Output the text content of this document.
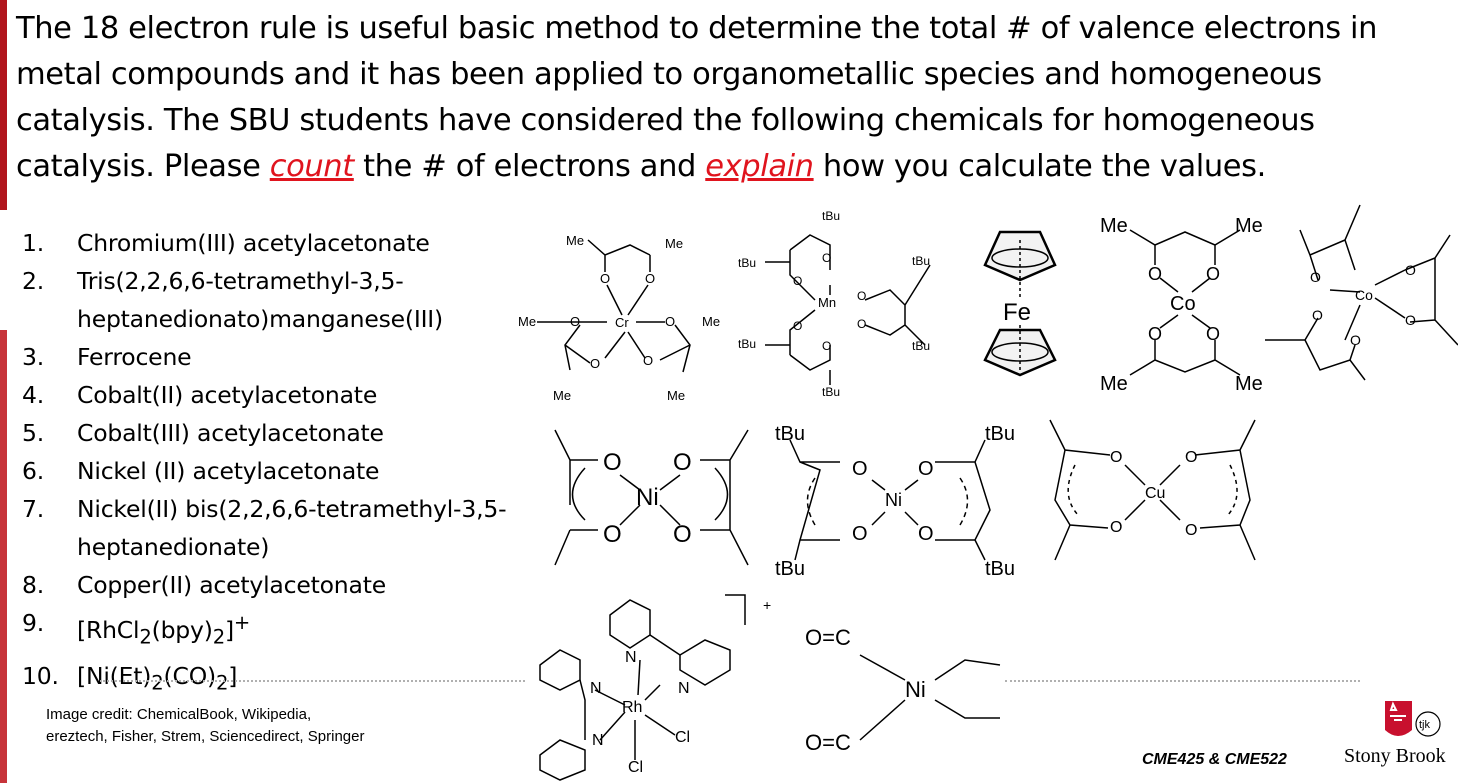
The 18 electron rule is useful basic method to determine the total # of valence electrons in metal compounds and it has been applied to organometallic species and homogeneous catalysis. The SBU students have considered the following chemicals for homogeneous catalysis. Please count the # of electrons and explain how you calculate the values.

1.	Chromium(III) acetylacetonate
2.	Tris(2,2,6,6-tetramethyl-3,5-heptanedionato)manganese(III)
3.	Ferrocene
4.	Cobalt(II) acetylacetonate
5.	Cobalt(III) acetylacetonate
6.	Nickel (II) acetylacetonate
7.	Nickel(II) bis(2,2,6,6-tetramethyl-3,5-heptanedionate)
8.	Copper(II) acetylacetonate
9.	$[RhCl_2(bpy)_2]^+$
10. $[Ni(Et)_2(CO)_2]$
Me	Me
O	O
Me	O	Cr	O Me
O	O
Me	Me
tBu
tBu	tBu
O
O
O
Mn
O
O
O
tBu	tBu
tBu
Fe
Me	Me
O O
Co
O O
Me	Me
O
Co
O
O	O
O
O O
Ni
O O
tBu	tBu
O	O
Ni
O	O
tBu	tBu
O	O
Cu
O	O
N
N
N
N
Rh
Cl
Cl
+
O=C
Ni
O=C

Image credit: ChemicalBook, Wikipedia, ereztech, Fisher, Strem, Sciencedirect, Springer

CME425 & CME522
tjk
Stony Brook
